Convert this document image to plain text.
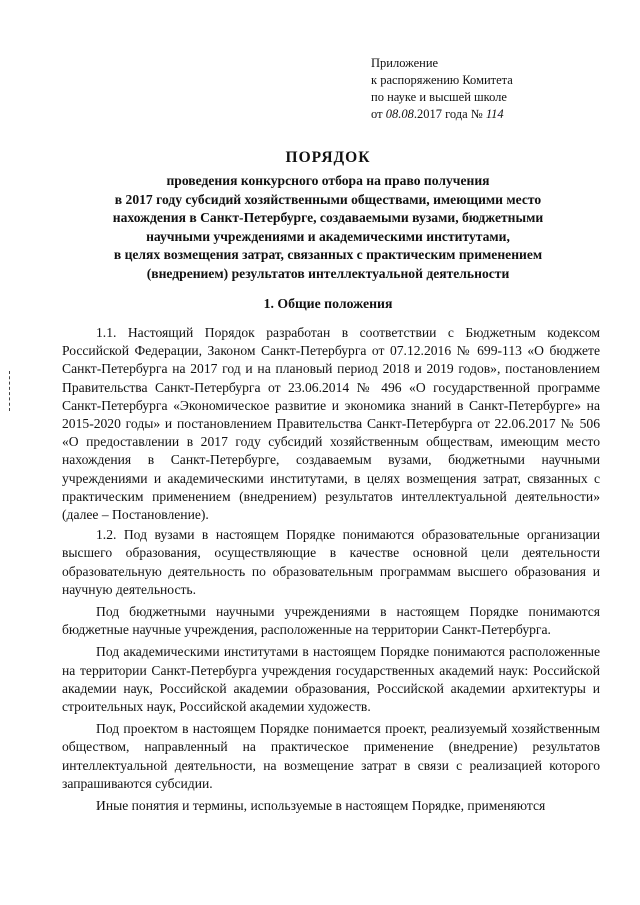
Приложение
к распоряжению Комитета
по науке и высшей школе
от 08.08.2017 года № 114
ПОРЯДОК
проведения конкурсного отбора на право получения
в 2017 году субсидий хозяйственными обществами, имеющими место
нахождения в Санкт-Петербурге, создаваемыми вузами, бюджетными
научными учреждениями и академическими институтами,
в целях возмещения затрат, связанных с практическим применением
(внедрением) результатов интеллектуальной деятельности
1. Общие положения

1.1. Настоящий Порядок разработан в соответствии с Бюджетным кодексом Российской Федерации, Законом Санкт-Петербурга от 07.12.2016 № 699-113 «О бюджете Санкт-Петербурга на 2017 год и на плановый период 2018 и 2019 годов», постановлением Правительства Санкт-Петербурга от 23.06.2014 № 496 «О государственной программе Санкт-Петербурга «Экономическое развитие и экономика знаний в Санкт-Петербурге» на 2015-2020 годы» и постановлением Правительства Санкт-Петербурга от 22.06.2017 № 506 «О предоставлении в 2017 году субсидий хозяйственным обществам, имеющим место нахождения в Санкт-Петербурге, создаваемым вузами, бюджетными научными учреждениями и академическими институтами, в целях возмещения затрат, связанных с практическим применением (внедрением) результатов интеллектуальной деятельности» (далее – Постановление).

1.2. Под вузами в настоящем Порядке понимаются образовательные организации высшего образования, осуществляющие в качестве основной цели деятельности образовательную деятельность по образовательным программам высшего образования и научную деятельность.

Под бюджетными научными учреждениями в настоящем Порядке понимаются бюджетные научные учреждения, расположенные на территории Санкт-Петербурга.

Под академическими институтами в настоящем Порядке понимаются расположенные на территории Санкт-Петербурга учреждения государственных академий наук: Российской академии наук, Российской академии образования, Российской академии архитектуры и строительных наук, Российской академии художеств.

Под проектом в настоящем Порядке понимается проект, реализуемый хозяйственным обществом, направленный на практическое применение (внедрение) результатов интеллектуальной деятельности, на возмещение затрат в связи с реализацией которого запрашиваются субсидии.

Иные понятия и термины, используемые в настоящем Порядке, применяются
